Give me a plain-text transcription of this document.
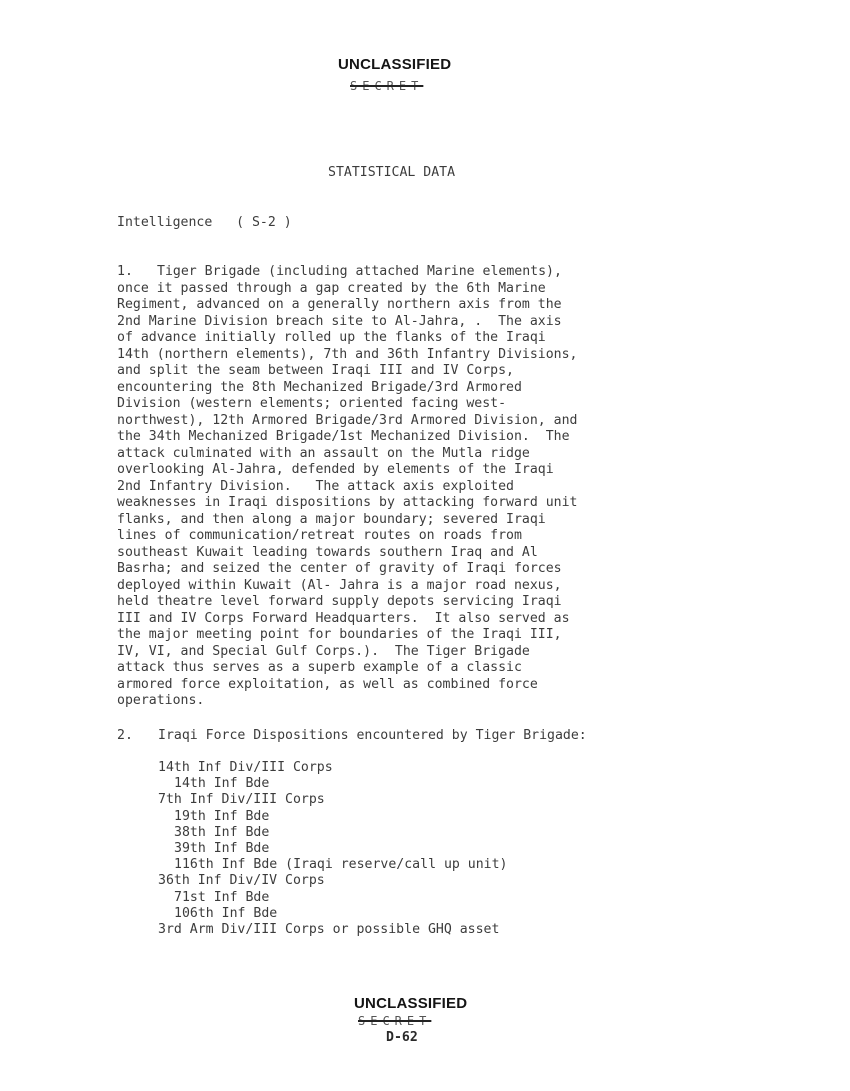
UNCLASSIFIED
SECRET
STATISTICAL DATA
Intelligence   ( S-2 )
1.	Tiger Brigade (including attached Marine elements),
once it passed through a gap created by the 6th Marine
Regiment, advanced on a generally northern axis from the
2nd Marine Division breach site to Al-Jahra, .  The axis
of advance initially rolled up the flanks of the Iraqi
14th (northern elements), 7th and 36th Infantry Divisions,
and split the seam between Iraqi III and IV Corps,
encountering the 8th Mechanized Brigade/3rd Armored
Division (western elements; oriented facing west-
northwest), 12th Armored Brigade/3rd Armored Division, and
the 34th Mechanized Brigade/1st Mechanized Division.  The
attack culminated with an assault on the Mutla ridge
overlooking Al-Jahra, defended by elements of the Iraqi
2nd Infantry Division.   The attack axis exploited
weaknesses in Iraqi dispositions by attacking forward unit
flanks, and then along a major boundary; severed Iraqi
lines of communication/retreat routes on roads from
southeast Kuwait leading towards southern Iraq and Al
Basrha; and seized the center of gravity of Iraqi forces
deployed within Kuwait (Al- Jahra is a major road nexus,
held theatre level forward supply depots servicing Iraqi
III and IV Corps Forward Headquarters.  It also served as
the major meeting point for boundaries of the Iraqi III,
IV, VI, and Special Gulf Corps.).  The Tiger Brigade
attack thus serves as a superb example of a classic
armored force exploitation, as well as combined force
operations.
2. Iraqi Force Dispositions encountered by Tiger Brigade:
14th Inf Div/III Corps
14th Inf Bde
7th Inf Div/III Corps
19th Inf Bde
38th Inf Bde
39th Inf Bde
116th Inf Bde (Iraqi reserve/call up unit)
36th Inf Div/IV Corps
71st Inf Bde
106th Inf Bde
3rd Arm Div/III Corps or possible GHQ asset
UNCLASSIFIED
SECRET
D-62
